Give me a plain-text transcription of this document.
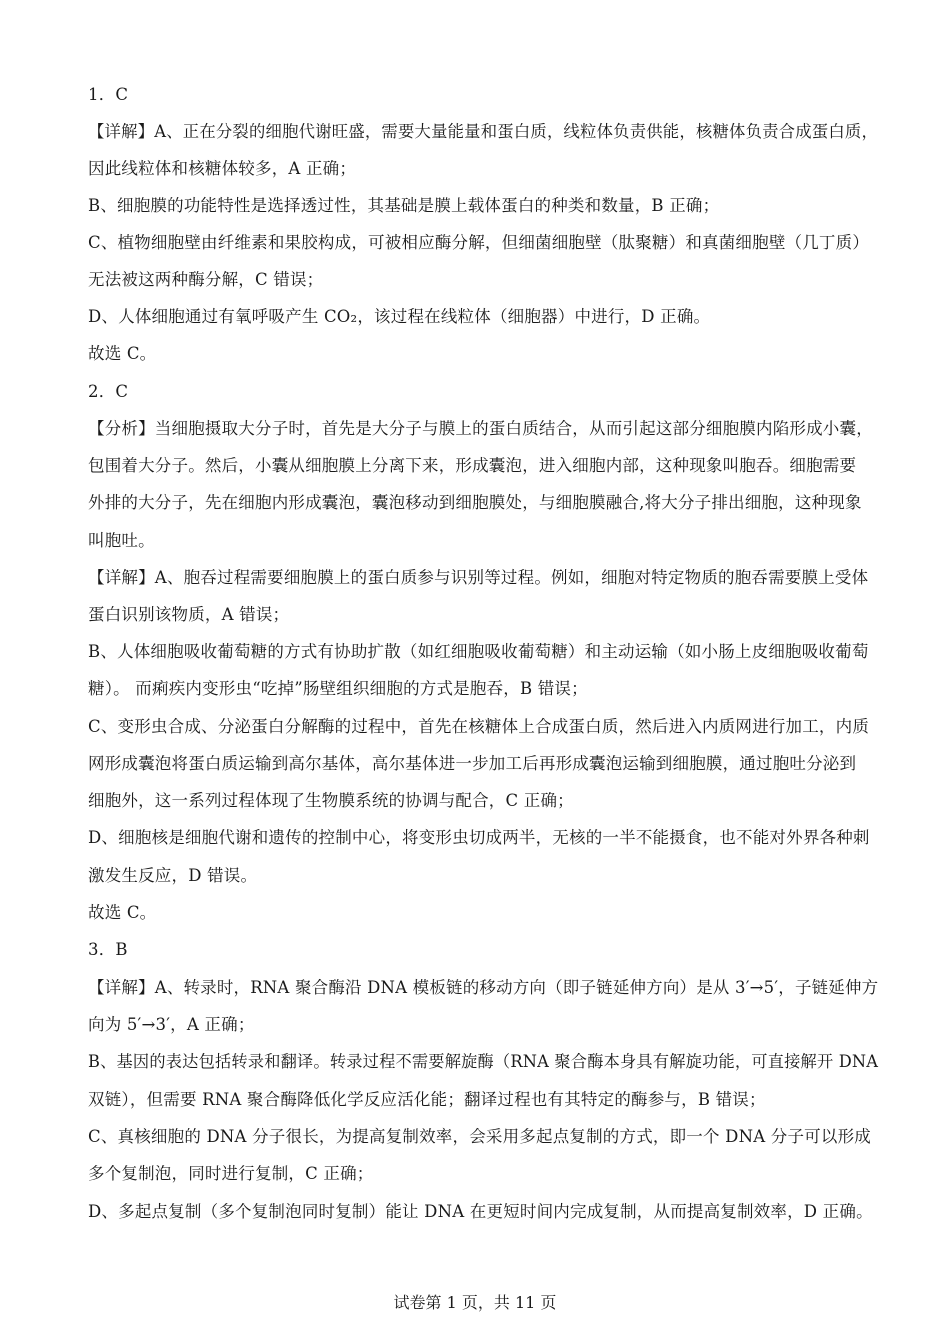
1．C
【详解】A、正在分裂的细胞代谢旺盛，需要大量能量和蛋白质，线粒体负责供能，核糖体负责合成蛋白质，
因此线粒体和核糖体较多，A 正确；
B、细胞膜的功能特性是选择透过性，其基础是膜上载体蛋白的种类和数量，B 正确；
C、植物细胞壁由纤维素和果胶构成，可被相应酶分解，但细菌细胞壁（肽聚糖）和真菌细胞壁（几丁质）
无法被这两种酶分解，C 错误；
D、人体细胞通过有氧呼吸产生 CO₂，该过程在线粒体（细胞器）中进行，D 正确。
故选 C。
2．C
【分析】当细胞摄取大分子时，首先是大分子与膜上的蛋白质结合，从而引起这部分细胞膜内陷形成小囊，
包围着大分子。然后，小囊从细胞膜上分离下来，形成囊泡，进入细胞内部，这种现象叫胞吞。细胞需要
外排的大分子，先在细胞内形成囊泡，囊泡移动到细胞膜处，与细胞膜融合,将大分子排出细胞，这种现象
叫胞吐。
【详解】A、胞吞过程需要细胞膜上的蛋白质参与识别等过程。例如，细胞对特定物质的胞吞需要膜上受体
蛋白识别该物质，A 错误；
B、人体细胞吸收葡萄糖的方式有协助扩散（如红细胞吸收葡萄糖）和主动运输（如小肠上皮细胞吸收葡萄
糖）。 而痢疾内变形虫“吃掉”肠壁组织细胞的方式是胞吞，B 错误；
C、变形虫合成、分泌蛋白分解酶的过程中，首先在核糖体上合成蛋白质，然后进入内质网进行加工，内质
网形成囊泡将蛋白质运输到高尔基体，高尔基体进一步加工后再形成囊泡运输到细胞膜，通过胞吐分泌到
细胞外，这一系列过程体现了生物膜系统的协调与配合，C 正确；
D、细胞核是细胞代谢和遗传的控制中心，将变形虫切成两半，无核的一半不能摄食，也不能对外界各种刺
激发生反应，D 错误。
故选 C。
3．B
【详解】A、转录时，RNA 聚合酶沿 DNA 模板链的移动方向（即子链延伸方向）是从 3′→5′，子链延伸方
向为 5′→3′，A 正确；
B、基因的表达包括转录和翻译。转录过程不需要解旋酶（RNA 聚合酶本身具有解旋功能，可直接解开 DNA
双链），但需要 RNA 聚合酶降低化学反应活化能；翻译过程也有其特定的酶参与，B 错误；
C、真核细胞的 DNA 分子很长，为提高复制效率，会采用多起点复制的方式，即一个 DNA 分子可以形成
多个复制泡，同时进行复制，C 正确；
D、多起点复制（多个复制泡同时复制）能让 DNA 在更短时间内完成复制，从而提高复制效率，D 正确。
试卷第 1 页，共 11 页
